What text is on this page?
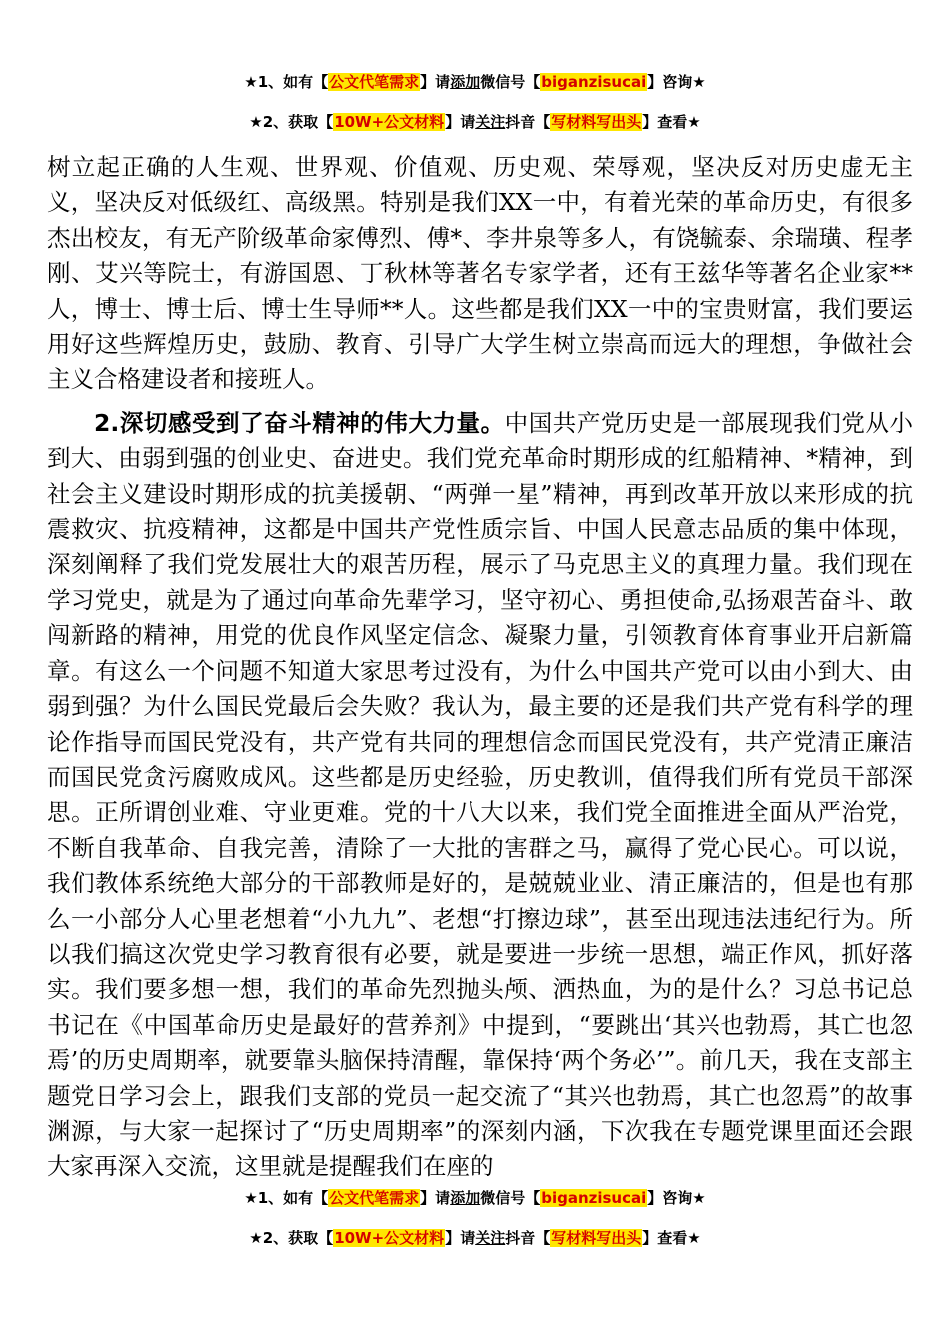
★1、如有【公文代笔需求】请添加微信号【biganzisucai】咨询★
★2、获取【10W+公文材料】请关注抖音【写材料写出头】查看★

树立起正确的人生观、世界观、价值观、历史观、荣辱观，坚决反对历史虚无主义，坚决反对低级红、高级黑。特别是我们XX一中，有着光荣的革命历史，有很多杰出校友，有无产阶级革命家傅烈、傅*、李井泉等多人，有饶毓泰、余瑞璜、程孝刚、艾兴等院士，有游国恩、丁秋林等著名专家学者，还有王兹华等著名企业家**人，博士、博士后、博士生导师**人。这些都是我们XX一中的宝贵财富，我们要运用好这些辉煌历史，鼓励、教育、引导广大学生树立崇高而远大的理想，争做社会主义合格建设者和接班人。

2.深切感受到了奋斗精神的伟大力量。中国共产党历史是一部展现我们党从小到大、由弱到强的创业史、奋进史。我们党充革命时期形成的红船精神、*精神，到社会主义建设时期形成的抗美援朝、“两弹一星”精神，再到改革开放以来形成的抗震救灾、抗疫精神，这都是中国共产党性质宗旨、中国人民意志品质的集中体现，深刻阐释了我们党发展壮大的艰苦历程，展示了马克思主义的真理力量。我们现在学习党史，就是为了通过向革命先辈学习，坚守初心、勇担使命,弘扬艰苦奋斗、敢闯新路的精神，用党的优良作风坚定信念、凝聚力量，引领教育体育事业开启新篇章。有这么一个问题不知道大家思考过没有，为什么中国共产党可以由小到大、由弱到强？为什么国民党最后会失败？我认为，最主要的还是我们共产党有科学的理论作指导而国民党没有，共产党有共同的理想信念而国民党没有，共产党清正廉洁而国民党贪污腐败成风。这些都是历史经验，历史教训，值得我们所有党员干部深思。正所谓创业难、守业更难。党的十八大以来，我们党全面推进全面从严治党，不断自我革命、自我完善，清除了一大批的害群之马，赢得了党心民心。可以说，我们教体系统绝大部分的干部教师是好的，是兢兢业业、清正廉洁的，但是也有那么一小部分人心里老想着“小九九”、老想“打擦边球”，甚至出现违法违纪行为。所以我们搞这次党史学习教育很有必要，就是要进一步统一思想，端正作风，抓好落实。我们要多想一想，我们的革命先烈抛头颅、洒热血，为的是什么？习总书记总书记在《中国革命历史是最好的营养剂》中提到，“要跳出‘其兴也勃焉，其亡也忽焉’的历史周期率，就要靠头脑保持清醒，靠保持‘两个务必’”。前几天，我在支部主题党日学习会上，跟我们支部的党员一起交流了“其兴也勃焉，其亡也忽焉”的故事渊源，与大家一起探讨了“历史周期率”的深刻内涵，下次我在专题党课里面还会跟大家再深入交流，这里就是提醒我们在座的

★1、如有【公文代笔需求】请添加微信号【biganzisucai】咨询★
★2、获取【10W+公文材料】请关注抖音【写材料写出头】查看★
